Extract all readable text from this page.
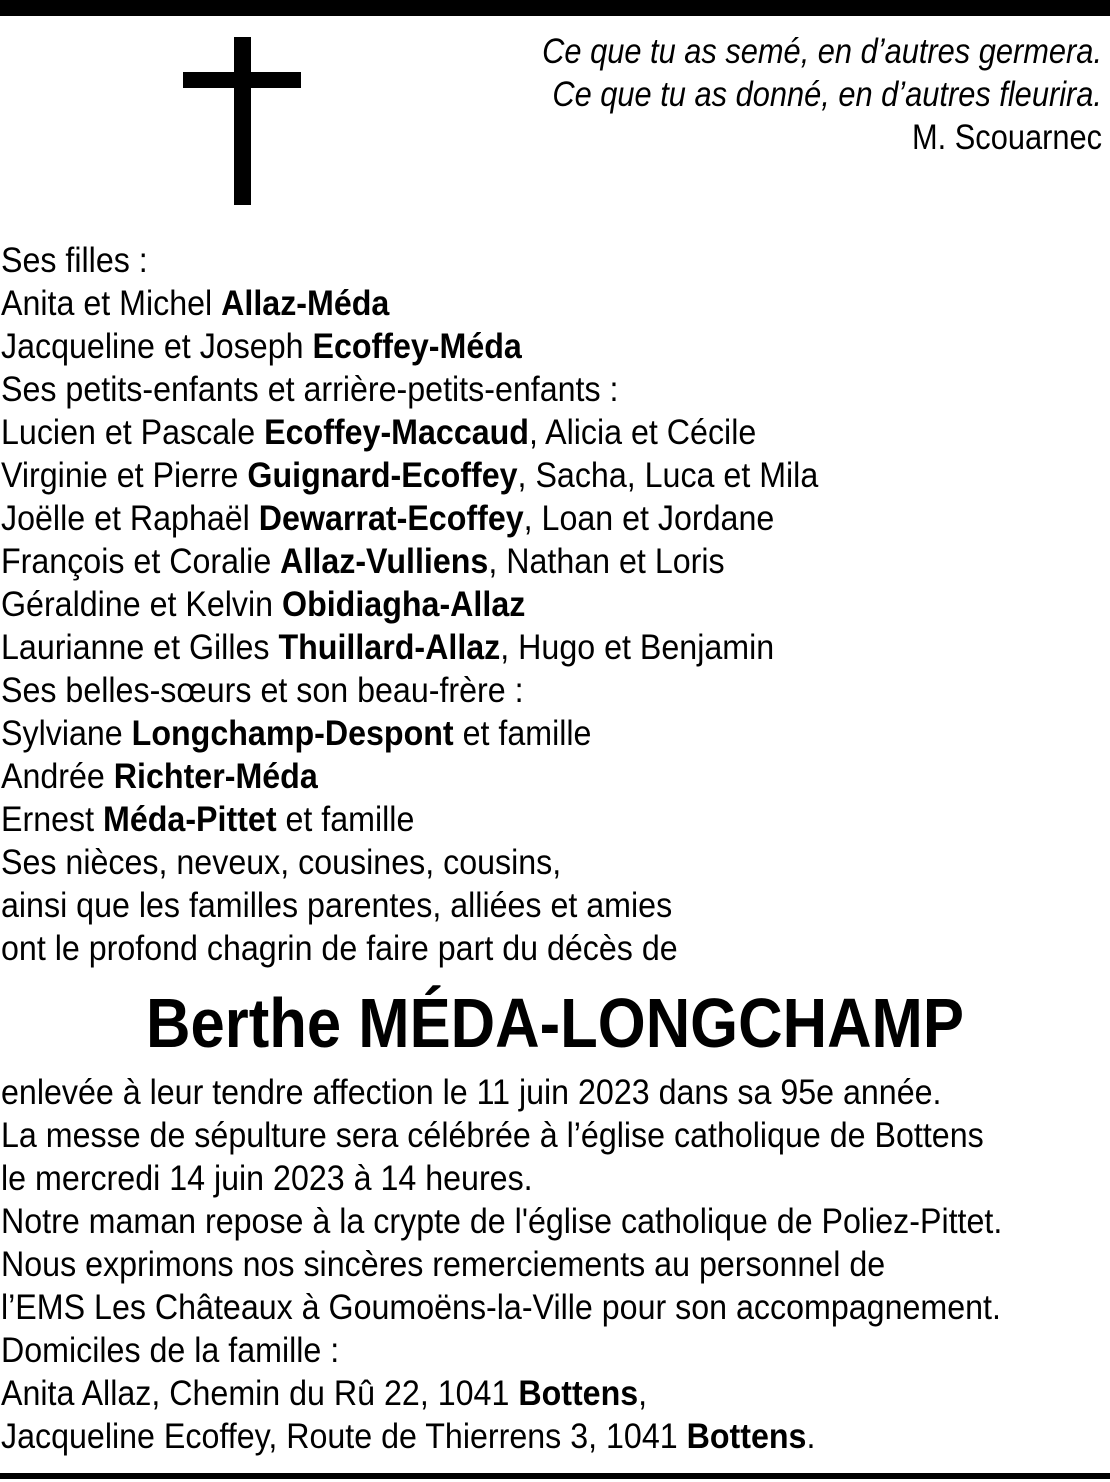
Ce que tu as semé, en d’autres germera.
Ce que tu as donné, en d’autres fleurira.
M. Scouarnec
Ses filles :
Anita et Michel Allaz-Méda
Jacqueline et Joseph Ecoffey-Méda
Ses petits-enfants et arrière-petits-enfants :
Lucien et Pascale Ecoffey-Maccaud, Alicia et Cécile
Virginie et Pierre Guignard-Ecoffey, Sacha, Luca et Mila
Joëlle et Raphaël Dewarrat-Ecoffey, Loan et Jordane
François et Coralie Allaz-Vulliens, Nathan et Loris
Géraldine et Kelvin Obidiagha-Allaz
Laurianne et Gilles Thuillard-Allaz, Hugo et Benjamin
Ses belles-sœurs et son beau-frère :
Sylviane Longchamp-Despont et famille
Andrée Richter-Méda
Ernest Méda-Pittet et famille
Ses nièces, neveux, cousines, cousins,
ainsi que les familles parentes, alliées et amies
ont le profond chagrin de faire part du décès de
Berthe MÉDA-LONGCHAMP
enlevée à leur tendre affection le 11 juin 2023 dans sa 95e année.
La messe de sépulture sera célébrée à l’église catholique de Bottens
le mercredi 14 juin 2023 à 14 heures.
Notre maman repose à la crypte de l'église catholique de Poliez-Pittet.
Nous exprimons nos sincères remerciements au personnel de
l’EMS Les Châteaux à Goumoëns-la-Ville pour son accompagnement.
Domiciles de la famille :
Anita Allaz, Chemin du Rû 22, 1041 Bottens,
Jacqueline Ecoffey, Route de Thierrens 3, 1041 Bottens.
